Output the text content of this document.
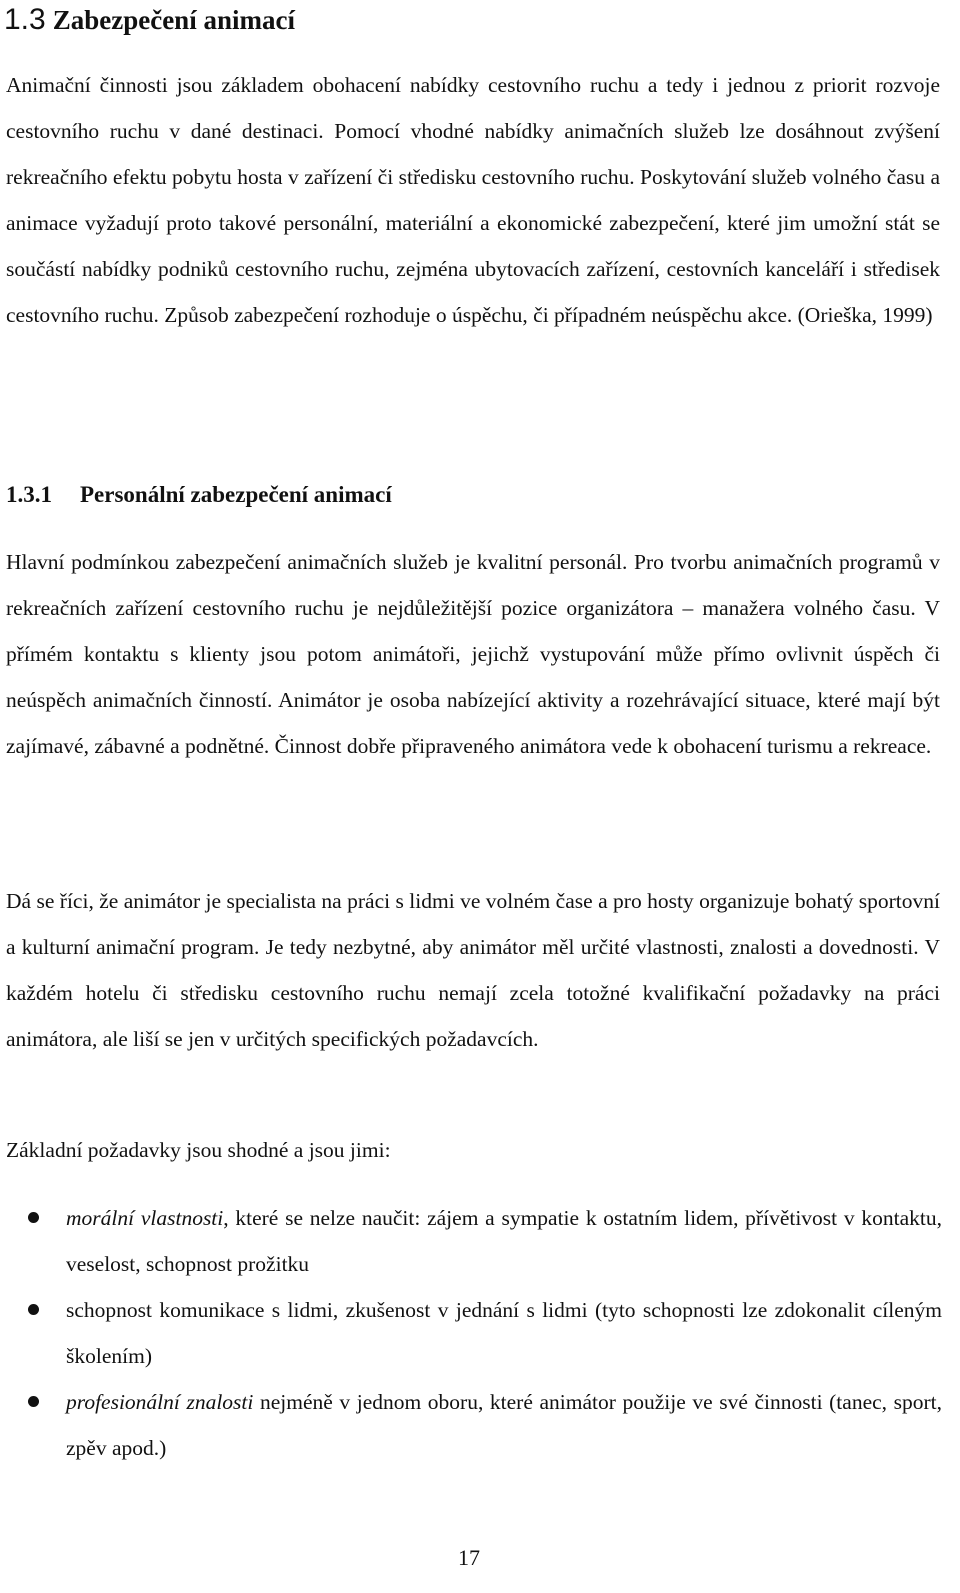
1.3 Zabezpečení animací

Animační činnosti jsou základem obohacení nabídky cestovního ruchu a tedy i jednou z priorit rozvoje cestovního ruchu v dané destinaci. Pomocí vhodné nabídky animačních služeb lze dosáhnout zvýšení rekreačního efektu pobytu hosta v zařízení či středisku cestovního ruchu. Poskytování služeb volného času a animace vyžadují proto takové personální, materiální a ekonomické zabezpečení, které jim umožní stát se součástí nabídky podniků cestovního ruchu, zejména ubytovacích zařízení, cestovních kanceláří i středisek cestovního ruchu. Způsob zabezpečení rozhoduje o úspěchu, či případném neúspěchu akce. (Orieška, 1999)

1.3.1 Personální zabezpečení animací

Hlavní podmínkou zabezpečení animačních služeb je kvalitní personál. Pro tvorbu animačních programů v rekreačních zařízení cestovního ruchu je nejdůležitější pozice organizátora – manažera volného času. V přímém kontaktu s klienty jsou potom animátoři, jejichž vystupování může přímo ovlivnit úspěch či neúspěch animačních činností. Animátor je osoba nabízející aktivity a rozehrávající situace, které mají být zajímavé, zábavné a podnětné. Činnost dobře připraveného animátora vede k obohacení turismu a rekreace.

Dá se říci, že animátor je specialista na práci s lidmi ve volném čase a pro hosty organizuje bohatý sportovní a kulturní animační program. Je tedy nezbytné, aby animátor měl určité vlastnosti, znalosti a dovednosti. V každém hotelu či středisku cestovního ruchu nemají zcela totožné kvalifikační požadavky na práci animátora, ale liší se jen v určitých specifických požadavcích.

Základní požadavky jsou shodné a jsou jimi:

morální vlastnosti, které se nelze naučit: zájem a sympatie k ostatním lidem, přívětivost v kontaktu, veselost, schopnost prožitku
schopnost komunikace s lidmi, zkušenost v jednání s lidmi (tyto schopnosti lze zdokonalit cíleným školením)
profesionální znalosti nejméně v jednom oboru, které animátor použije ve své činnosti (tanec, sport, zpěv apod.)
17
